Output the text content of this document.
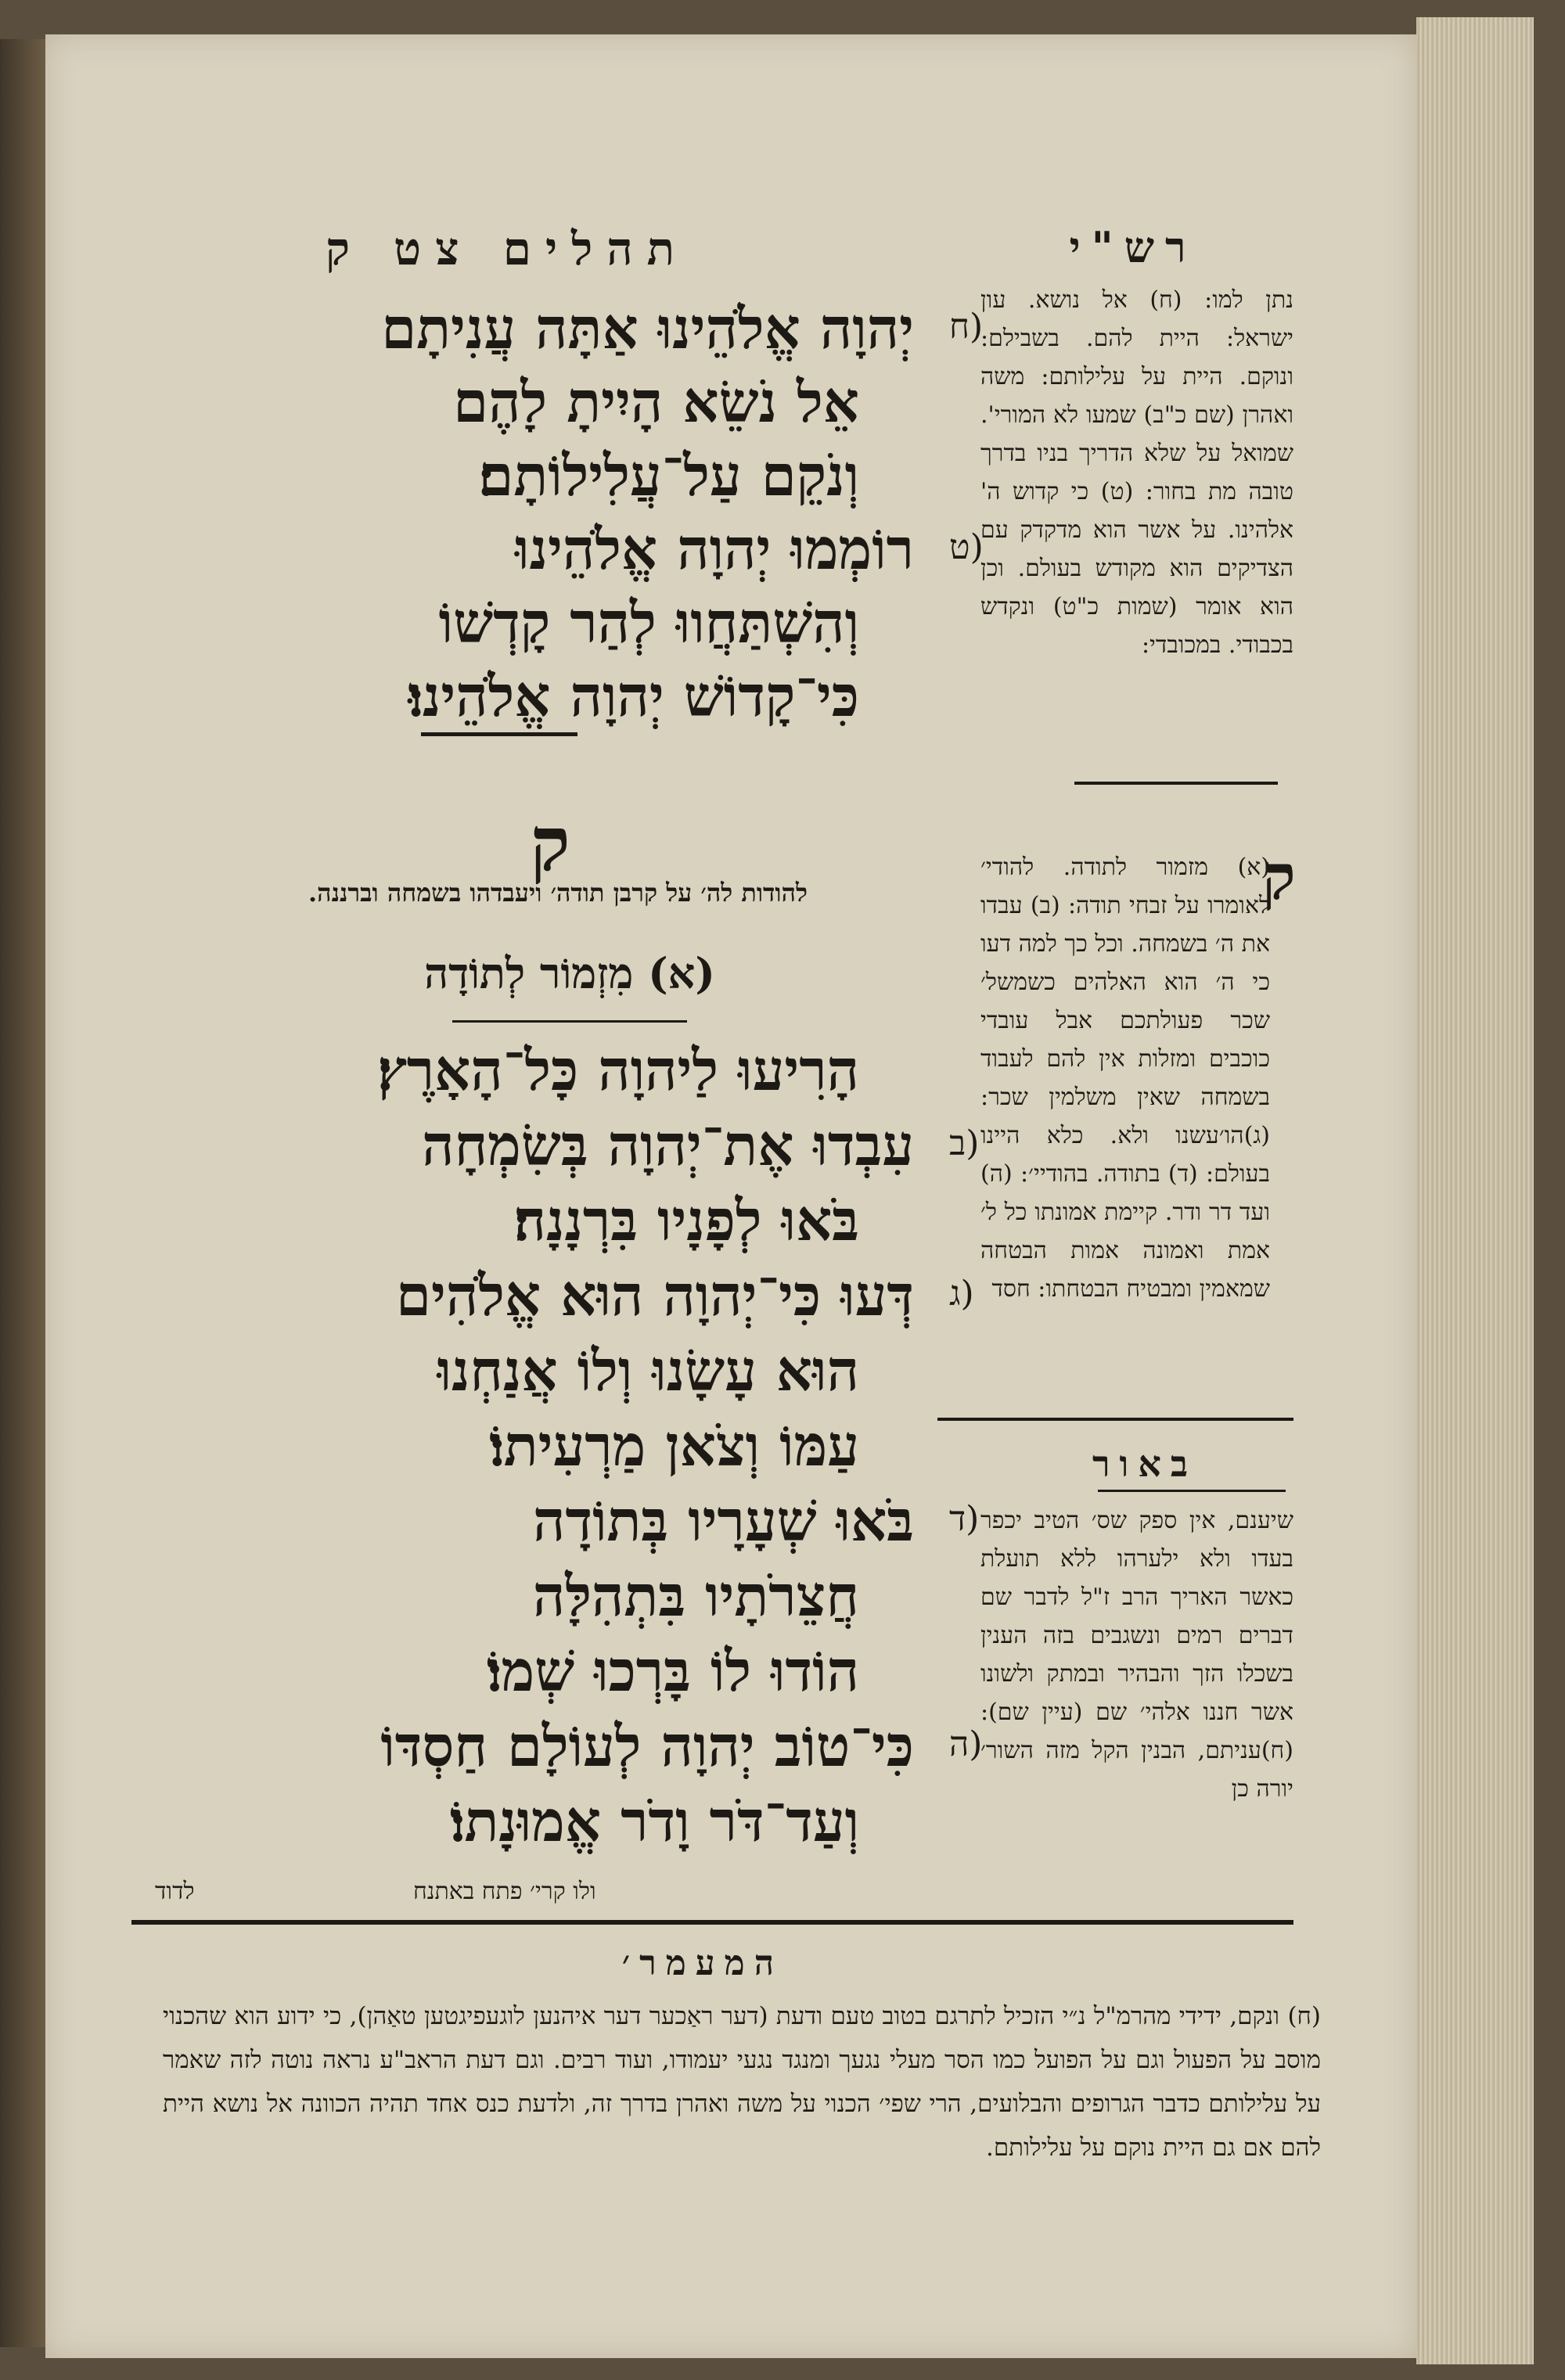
תהלים צט ק	רש"י
(ח
יְהוָה אֱלֹהֵינוּ אַתָּה עֲנִיתָם
אֵל נֹשֵׂא הָיִיתָ לָהֶם
וְנֹקֵם עַל־עֲלִילוֹתָם׃
(ט
רוֹמְמוּ יְהוָה אֱלֹהֵינוּ
וְהִשְׁתַּחֲווּ לְהַר קָדְשׁוֹ
כִּי־קָדוֹשׁ יְהוָה אֱלֹהֵינוּ׃

נתן למו: (ח) אל נושא. עון ישראל: היית להם. בשבילם: ונוקם. היית על עלילותם: משה ואהרן (שם כ"ב) שמעו לא המורי'. שמואל על שלא הדריך בניו בדרך טובה מת בחור: (ט) כי קדוש ה' אלהינו. על אשר הוא מדקדק עם הצדיקים הוא מקודש בעולם. וכן הוא אומר (שמות כ"ט) ונקדש בכבודי. במכובדי:

ק
להודות לה׳ על קרבן תודה׳ ויעבדהו בשמחה וברננה.
(א) מִזְמוֹר לְתוֹדָה
הָרִיעוּ לַיהוָה כָּל־הָאָרֶץ׃
(ב
עִבְדוּ אֶת־יְהוָה בְּשִׂמְחָה
בֹּאוּ לְפָנָיו בִּרְנָנָה׃
(ג
דְּעוּ כִּי־יְהוָה הוּא אֱלֹהִים
הוּא עָשָׂנוּ וְלוֹ אֲנַחְנוּ
עַמּוֹ וְצֹאן מַרְעִיתוֹ׃
(ד
בֹּאוּ שְׁעָרָיו בְּתוֹדָה
חֲצֵרֹתָיו בִּתְהִלָּה
הוֹדוּ לוֹ בָּרְכוּ שְׁמוֹ׃
(ה
כִּי־טוֹב יְהוָה לְעוֹלָם חַסְדּוֹ
וְעַד־דֹּר וָדֹר אֱמוּנָתוֹ׃
ק

(א) מזמור לתודה. להודי׳ לאומרו על זבחי תודה: (ב) עבדו את ה׳ בשמחה. וכל כך למה דעו כי ה׳ הוא האלהים כשמשל׳ שכר פעולתכם אבל עובדי כוכבים ומזלות אין להם לעבוד בשמחה שאין משלמין שכר:(ג)הו׳עשנו ולא. כלא היינו בעולם: (ד) בתודה. בהודיי׳: (ה) ועד דר ודר. קיימת אמונתו כל ל׳ אמת ואמונה אמות הבטחה שמאמין ומבטיח הבטחתו: חסד

באור

שיענם, אין ספק שס׳ הטיב יכפר בעדו ולא ילערהו ללא תועלת כאשר האריך הרב ז"ל לדבר שם דברים רמים ונשגבים בזה הענין בשכלו הזך והבהיר ובמתק ולשונו אשר חננו אלהי׳ שם (עיין שם): (ח)עניתם, הבנין הקל מזה השור׳ יורה כן

ולו קרי׳ פתח באתנח
לדוד
המעמר׳

(ח) ונקם, ידידי מהרמ"ל נ״י הזכיל לתרגם בטוב טעם ודעת (דער ראַכער דער איהנען לוגעפיגטען טאַהן), כי ידוע הוא שהכנוי מוסב על הפעול וגם על הפועל כמו הסר מעלי נגעך ומנגד נגעי יעמודו, ועוד רבים. וגם דעת הראב"ע נראה נוטה לזה שאמר על עלילותם כדבר הגרופים והבלועים, הרי שפי׳ הכנוי על משה ואהרן בדרך זה, ולדעת כנס אחד תהיה הכוונה אל נושא היית להם אם גם היית נוקם על עלילותם.
